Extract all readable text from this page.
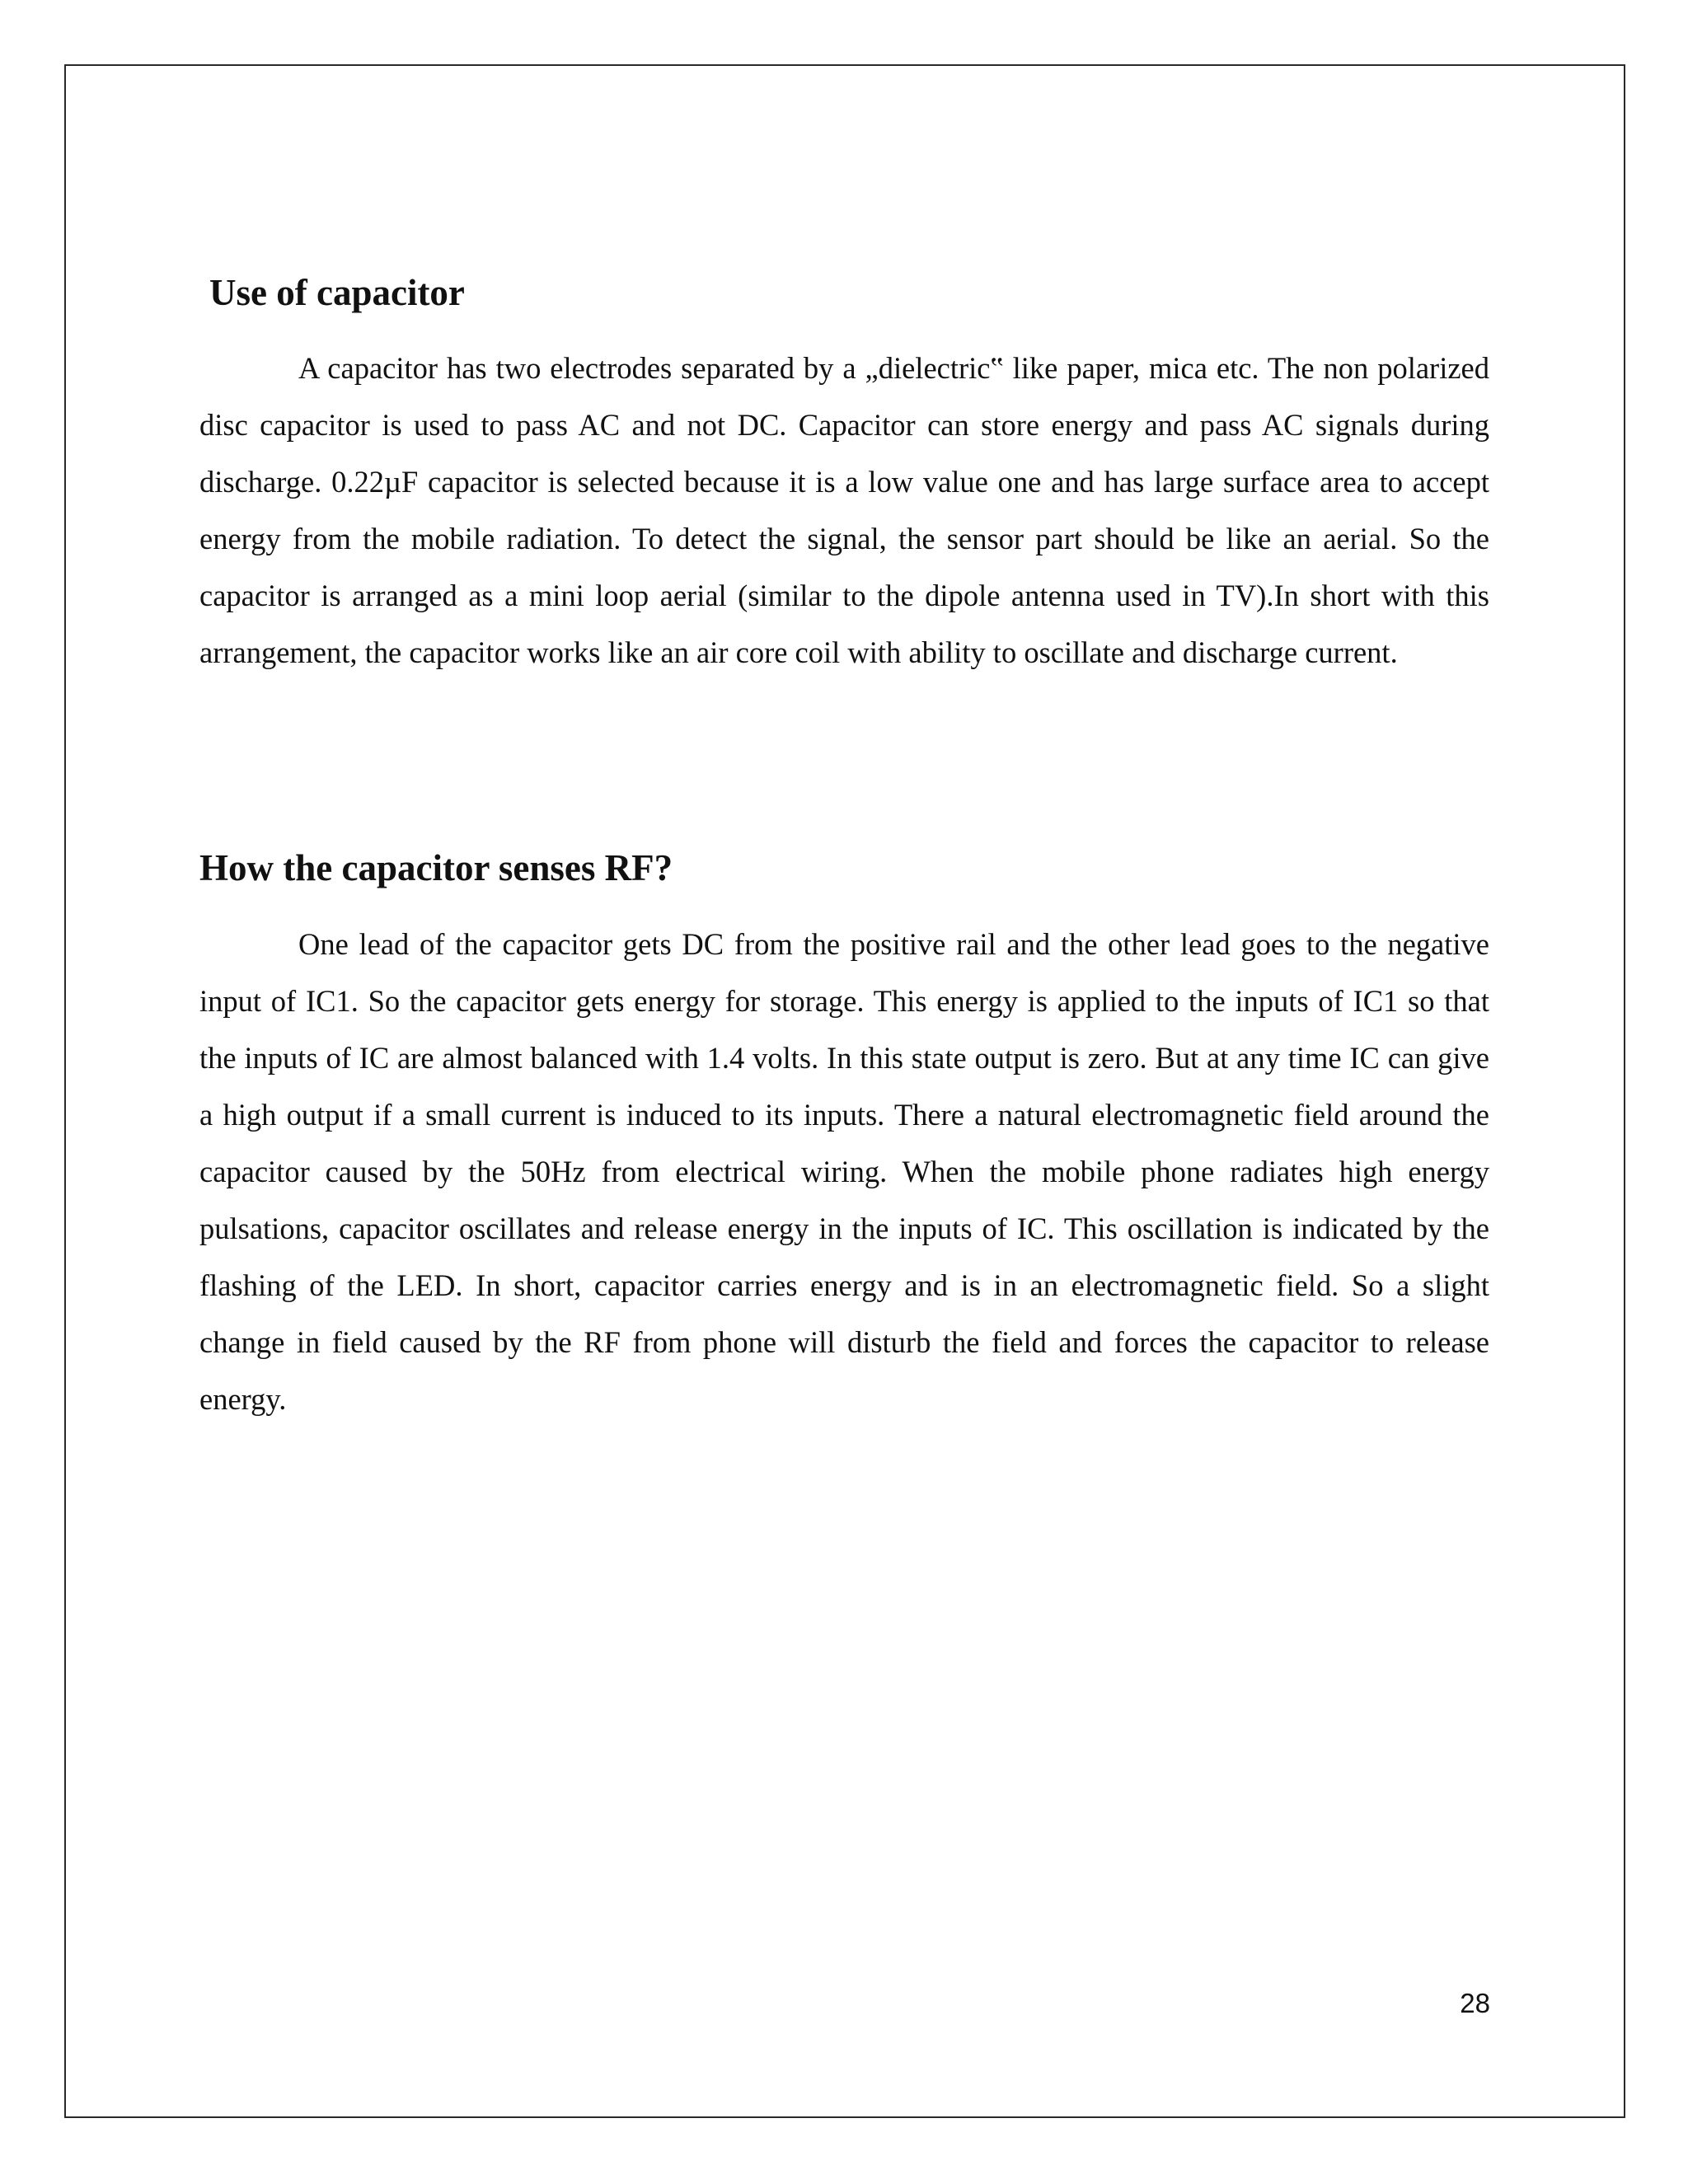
Use of capacitor

A capacitor has two electrodes separated by a „dielectric‟ like paper, mica etc. The non polarized disc capacitor is used to pass AC and not DC. Capacitor can store energy and pass AC signals during discharge. 0.22µF capacitor is selected because it is a low value one and has large surface area to accept energy from the mobile radiation. To detect the signal, the sensor part should be like an aerial. So the capacitor is arranged as a mini loop aerial (similar to the dipole antenna used in TV).In short with this arrangement, the capacitor works like an air core coil with ability to oscillate and discharge current.

How the capacitor senses RF?

One lead of the capacitor gets DC from the positive rail and the other lead goes to the negative input of IC1. So the capacitor gets energy for storage. This energy is applied to the inputs of IC1 so that the inputs of IC are almost balanced with 1.4 volts. In this state output is zero. But at any time IC can give a high output if a small current is induced to its inputs. There a natural electromagnetic field around the capacitor caused by the 50Hz from electrical wiring. When the mobile phone radiates high energy pulsations, capacitor oscillates and release energy in the inputs of IC. This oscillation is indicated by the flashing of the LED. In short, capacitor carries energy and is in an electromagnetic field. So a slight change in field caused by the RF from phone will disturb the field and forces the capacitor to release energy.

28
